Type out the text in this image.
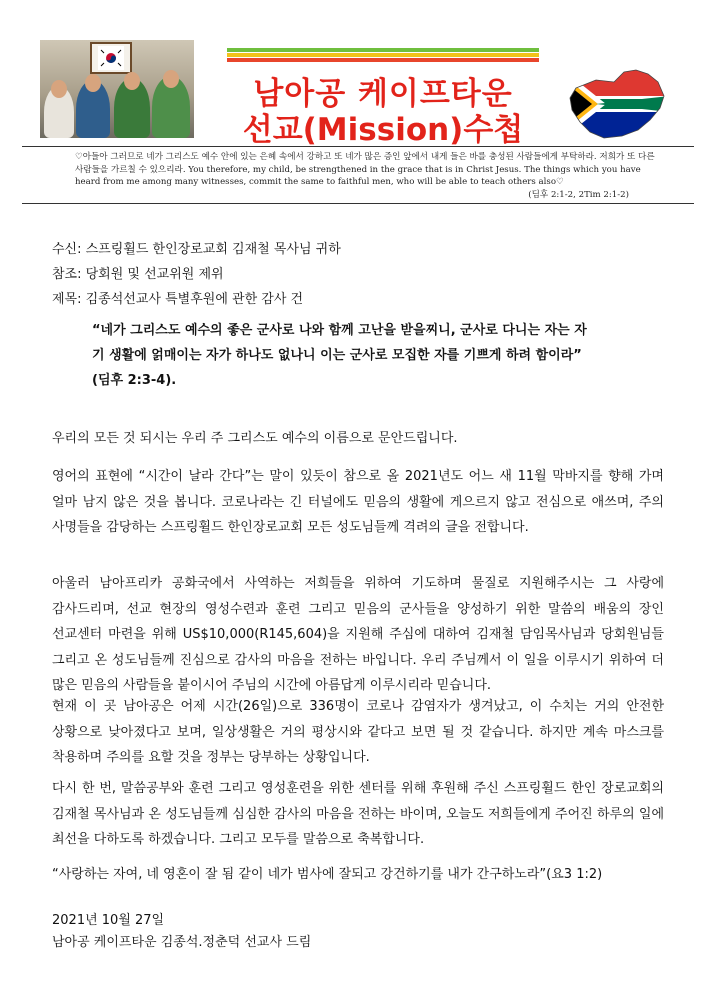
남아공 케이프타운
선교(Mission)수첩
♡아들아 그러므로 네가 그리스도 예수 안에 있는 은혜 속에서 강하고 또 네가 많은 증인 앞에서 내게 들은 바를 충성된 사람들에게 부탁하라. 저희가 또 다른 사람들을 가르칠 수 있으리라. You therefore, my child, be strengthened in the grace that is in Christ Jesus. The things which you have heard from me among many witnesses, commit the same to faithful men, who will be able to teach others also♡
(딤후 2:1-2, 2Tim 2:1-2)
수신: 스프링휠드 한인장로교회 김재철 목사님 귀하
참조: 당회원 및 선교위원 제위
제목: 김종석선교사 특별후원에 관한 감사 건
“네가 그리스도 예수의 좋은 군사로 나와 함께 고난을 받을찌니, 군사로 다니는 자는 자기 생활에 얽매이는 자가 하나도 없나니 이는 군사로 모집한 자를 기쁘게 하려 함이라” (딤후 2:3-4).
우리의 모든 것 되시는 우리 주 그리스도 예수의 이름으로 문안드립니다.
영어의 표현에 “시간이 날라 간다”는 말이 있듯이 참으로 올 2021년도 어느 새 11월 막바지를 향해 가며 얼마 남지 않은 것을 봅니다. 코로나라는 긴 터널에도 믿음의 생활에 게으르지 않고 전심으로 애쓰며, 주의 사명들을 감당하는 스프링휠드 한인장로교회 모든 성도님들께 격려의 글을 전합니다.
아울러 남아프리카 공화국에서 사역하는 저희들을 위하여 기도하며 물질로 지원해주시는 그 사랑에 감사드리며, 선교 현장의 영성수련과 훈련 그리고 믿음의 군사들을 양성하기 위한 말씀의 배움의 장인 선교센터 마련을 위해 US$10,000(R145,604)을 지원해 주심에 대하여 김재철 담임목사님과 당회원님들 그리고 온 성도님들께 진심으로 감사의 마음을 전하는 바입니다. 우리 주님께서 이 일을 이루시기 위하여 더 많은 믿음의 사람들을 붙이시어 주님의 시간에 아름답게 이루시리라 믿습니다.
현재 이 곳 남아공은 어제 시간(26일)으로 336명이 코로나 감염자가 생겨났고, 이 수치는 거의 안전한 상황으로 낮아졌다고 보며, 일상생활은 거의 평상시와 같다고 보면 될 것 같습니다. 하지만 계속 마스크를 착용하며 주의를 요할 것을 정부는 당부하는 상황입니다.
다시 한 번, 말씀공부와 훈련 그리고 영성훈련을 위한 센터를 위해 후원해 주신 스프링휠드 한인 장로교회의 김재철 목사님과 온 성도님들께 심심한 감사의 마음을 전하는 바이며, 오늘도 저희들에게 주어진 하루의 일에 최선을 다하도록 하겠습니다. 그리고 모두를 말씀으로 축복합니다.
“사랑하는 자여, 네 영혼이 잘 됨 같이 네가 범사에 잘되고 강건하기를 내가 간구하노라”(요3 1:2)
2021년 10월 27일
남아공 케이프타운 김종석.정춘덕 선교사 드림
